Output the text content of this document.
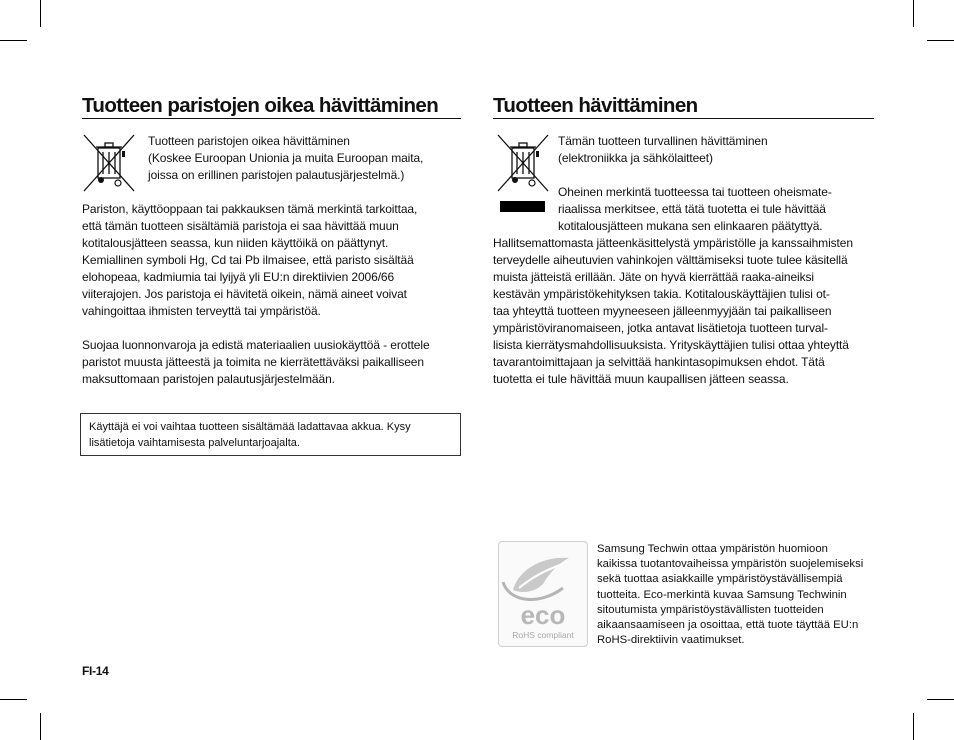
Tuotteen paristojen oikea hävittäminen
Tuotteen paristojen oikea hävittäminen
(Koskee Euroopan Unionia ja muita Euroopan maita,
joissa on erillinen paristojen palautusjärjestelmä.)
Pariston, käyttöoppaan tai pakkauksen tämä merkintä tarkoittaa,
että tämän tuotteen sisältämiä paristoja ei saa hävittää muun
kotitalousjätteen seassa, kun niiden käyttöikä on päättynyt.
Kemiallinen symboli Hg, Cd tai Pb ilmaisee, että paristo sisältää
elohopeaa, kadmiumia tai lyijyä yli EU:n direktiivien 2006/66
viiterajojen. Jos paristoja ei hävitetä oikein, nämä aineet voivat
vahingoittaa ihmisten terveyttä tai ympäristöä.
Suojaa luonnonvaroja ja edistä materiaalien uusiokäyttöä - erottele
paristot muusta jätteestä ja toimita ne kierrätettäväksi paikalliseen
maksuttomaan paristojen palautusjärjestelmään.
Käyttäjä ei voi vaihtaa tuotteen sisältämää ladattavaa akkua. Kysy
lisätietoja vaihtamisesta palveluntarjoajalta.
Tuotteen hävittäminen
Tämän tuotteen turvallinen hävittäminen
(elektroniikka ja sähkölaitteet)
Oheinen merkintä tuotteessa tai tuotteen oheismate-
riaalissa merkitsee, että tätä tuotetta ei tule hävittää
kotitalousjätteen mukana sen elinkaaren päätyttyä.
Hallitsemattomasta jätteenkäsittelystä ympäristölle ja kanssaihmisten
terveydelle aiheutuvien vahinkojen välttämiseksi tuote tulee käsitellä
muista jätteistä erillään. Jäte on hyvä kierrättää raaka-aineiksi
kestävän ympäristökehityksen takia. Kotitalouskäyttäjien tulisi ot-
taa yhteyttä tuotteen myyneeseen jälleenmyyjään tai paikalliseen
ympäristöviranomaiseen, jotka antavat lisätietoja tuotteen turval-
lisista kierrätysmahdollisuuksista. Yrityskäyttäjien tulisi ottaa yhteyttä
tavarantoimittajaan ja selvittää hankintasopimuksen ehdot. Tätä
tuotetta ei tule hävittää muun kaupallisen jätteen seassa.
eco
RoHS compliant
Samsung Techwin ottaa ympäristön huomioon
kaikissa tuotantovaiheissa ympäristön suojelemiseksi
sekä tuottaa asiakkaille ympäristöystävällisempiä
tuotteita. Eco-merkintä kuvaa Samsung Techwinin
sitoutumista ympäristöystävällisten tuotteiden
aikaansaamiseen ja osoittaa, että tuote täyttää EU:n
RoHS-direktiivin vaatimukset.
FI-14
